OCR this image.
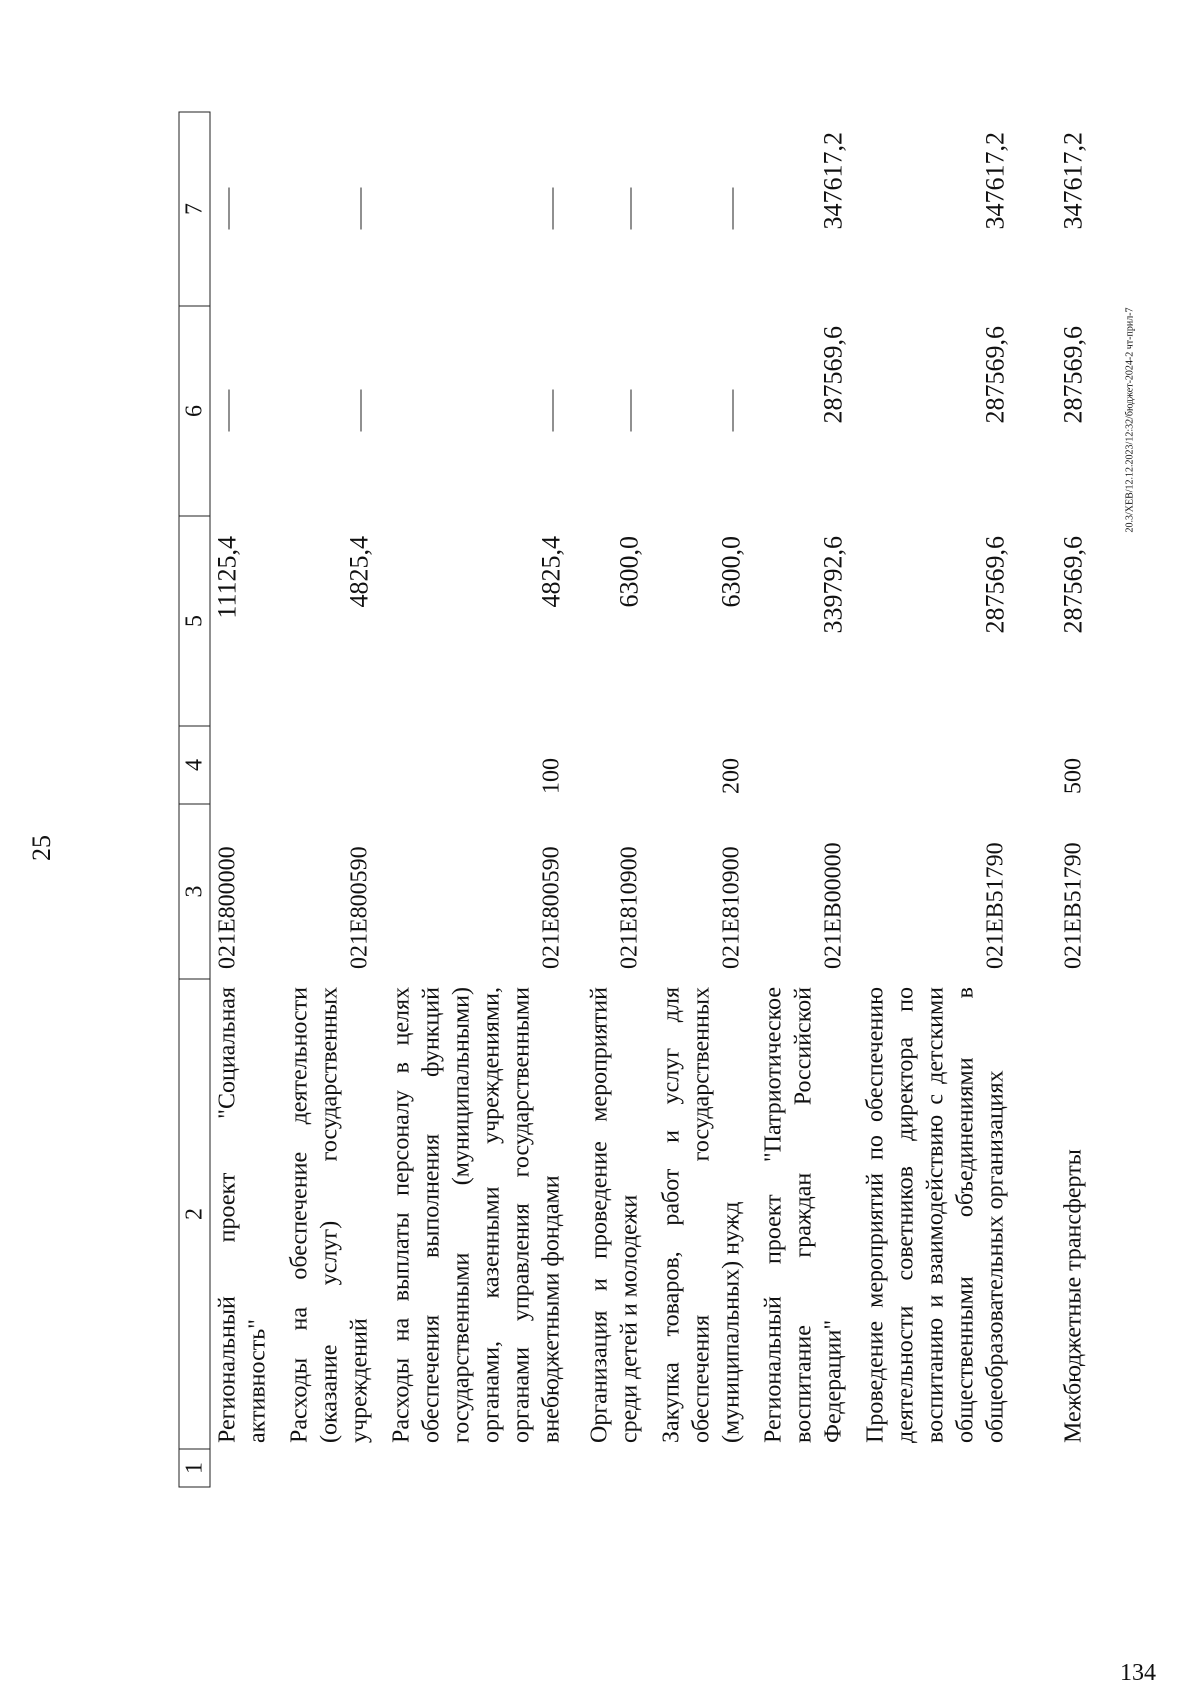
25
20.3/ХЕВ/12.12.2023/12:32/бюджет-2024-2 чт-прил-7
134
1	2	3	4	5	6	7
	Региональный проект "Социальная активность"	021E800000		11125,4		
	Расходы на обеспечение деятельности (оказание услуг) государственных учреждений	021E800590		4825,4		
	Расходы на выплаты персоналу в целях обеспечения выполнения функций государственными (муниципальными) органами, казенными учреждениями, органами управления государственными внебюджетными фондами	021E800590	100	4825,4		
	Организация и проведение мероприятий среди детей и молодежи	021E810900		6300,0		
	Закупка товаров, работ и услуг для обеспечения государственных (муниципальных) нужд	021E810900	200	6300,0		
	Региональный проект "Патриотическое воспитание граждан Российской Федерации"	021EB00000		339792,6	287569,6	347617,2
	Проведение мероприятий по обеспечению деятельности советников директора по воспитанию и взаимодействию с детскими общественными объединениями в общеобразовательных организациях	021EB51790		287569,6	287569,6	347617,2
	Межбюджетные трансферты	021EB51790	500	287569,6	287569,6	347617,2
